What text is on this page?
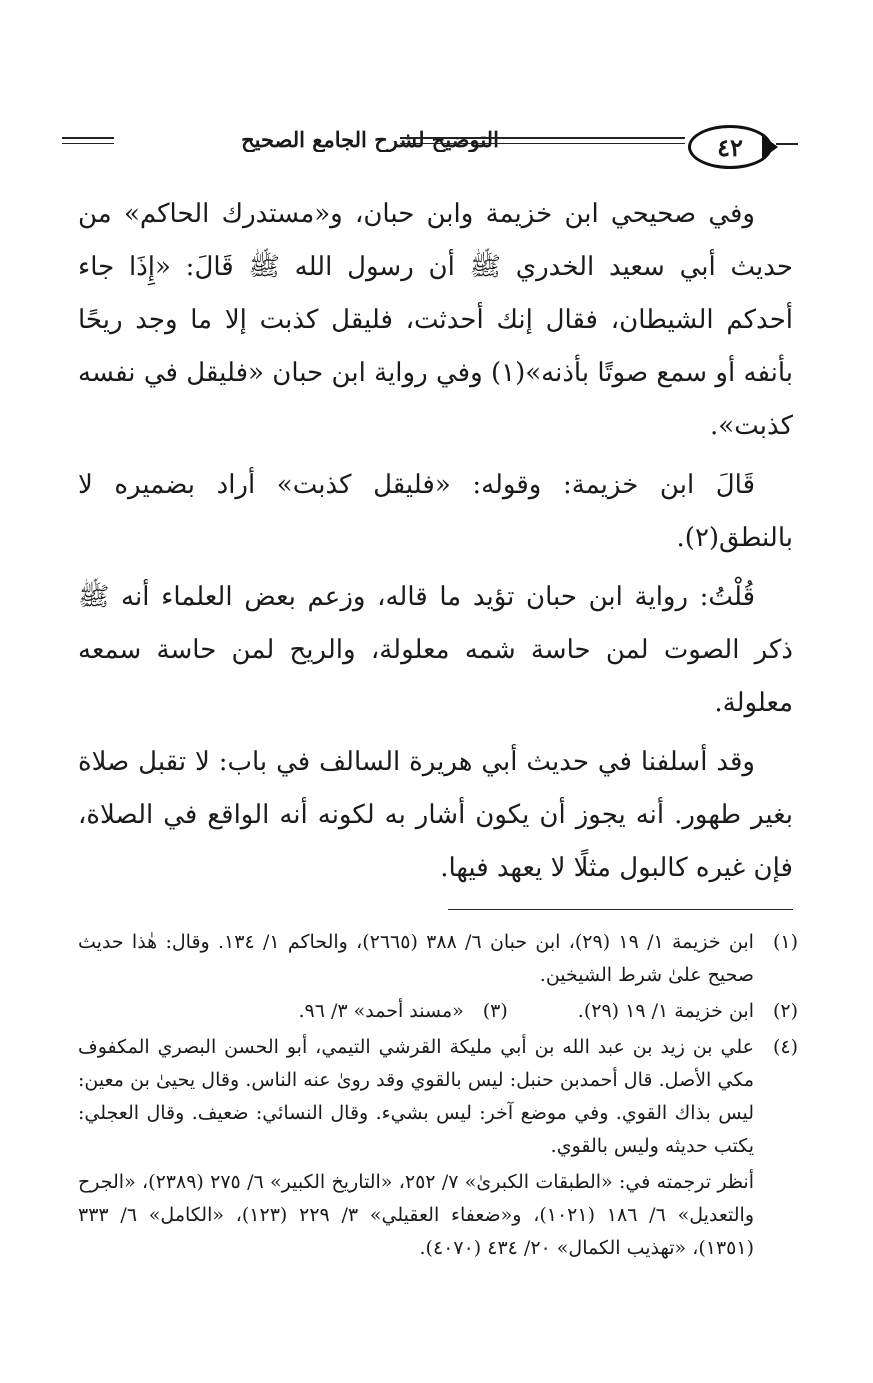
التوضيح لشرح الجامع الصحيح	٤٢

وفي صحيحي ابن خزيمة وابن حبان، و«مستدرك الحاكم» من حديث أبي سعيد الخدري ﷺ أن رسول الله ﷺ قَالَ: «إِذَا جاء أحدكم الشيطان، فقال إنك أحدثت، فليقل كذبت إلا ما وجد ريحًا بأنفه أو سمع صوتًا بأذنه»(١) وفي رواية ابن حبان «فليقل في نفسه كذبت».

قَالَ ابن خزيمة: وقوله: «فليقل كذبت» أراد بضميره لا بالنطق(٢).

قُلْتُ: رواية ابن حبان تؤيد ما قاله، وزعم بعض العلماء أنه ﷺ ذكر الصوت لمن حاسة شمه معلولة، والريح لمن حاسة سمعه معلولة.

وقد أسلفنا في حديث أبي هريرة السالف في باب: لا تقبل صلاة بغير طهور. أنه يجوز أن يكون أشار به لكونه أنه الواقع في الصلاة، فإن غيره كالبول مثلًا لا يعهد فيها.

(١)
ابن خزيمة ١/ ١٩ (٢٩)، ابن حبان ٦/ ٣٨٨ (٢٦٦٥)، والحاكم ١/ ١٣٤. وقال: هٰذا حديث صحيح علىٰ شرط الشيخين.
(٢)
ابن خزيمة ١/ ١٩ (٢٩).
(٣)
«مسند أحمد» ٣/ ٩٦.
(٤)
علي بن زيد بن عبد الله بن أبي مليكة القرشي التيمي، أبو الحسن البصري المكفوف مكي الأصل. قال أحمدبن حنبل: ليس بالقوي وقد روىٰ عنه الناس. وقال يحيىٰ بن معين: ليس بذاك القوي. وفي موضع آخر: ليس بشيء. وقال النسائي: ضعيف. وقال العجلي: يكتب حديثه وليس بالقوي.
أنظر ترجمته في: «الطبقات الكبرىٰ» ٧/ ٢٥٢، «التاريخ الكبير» ٦/ ٢٧٥ (٢٣٨٩)، «الجرح والتعديل» ٦/ ١٨٦ (١٠٢١)، و«ضعفاء العقيلي» ٣/ ٢٢٩ (١٢٣)، «الكامل» ٦/ ٣٣٣ (١٣٥١)، «تهذيب الكمال» ٢٠/ ٤٣٤ (٤٠٧٠).
